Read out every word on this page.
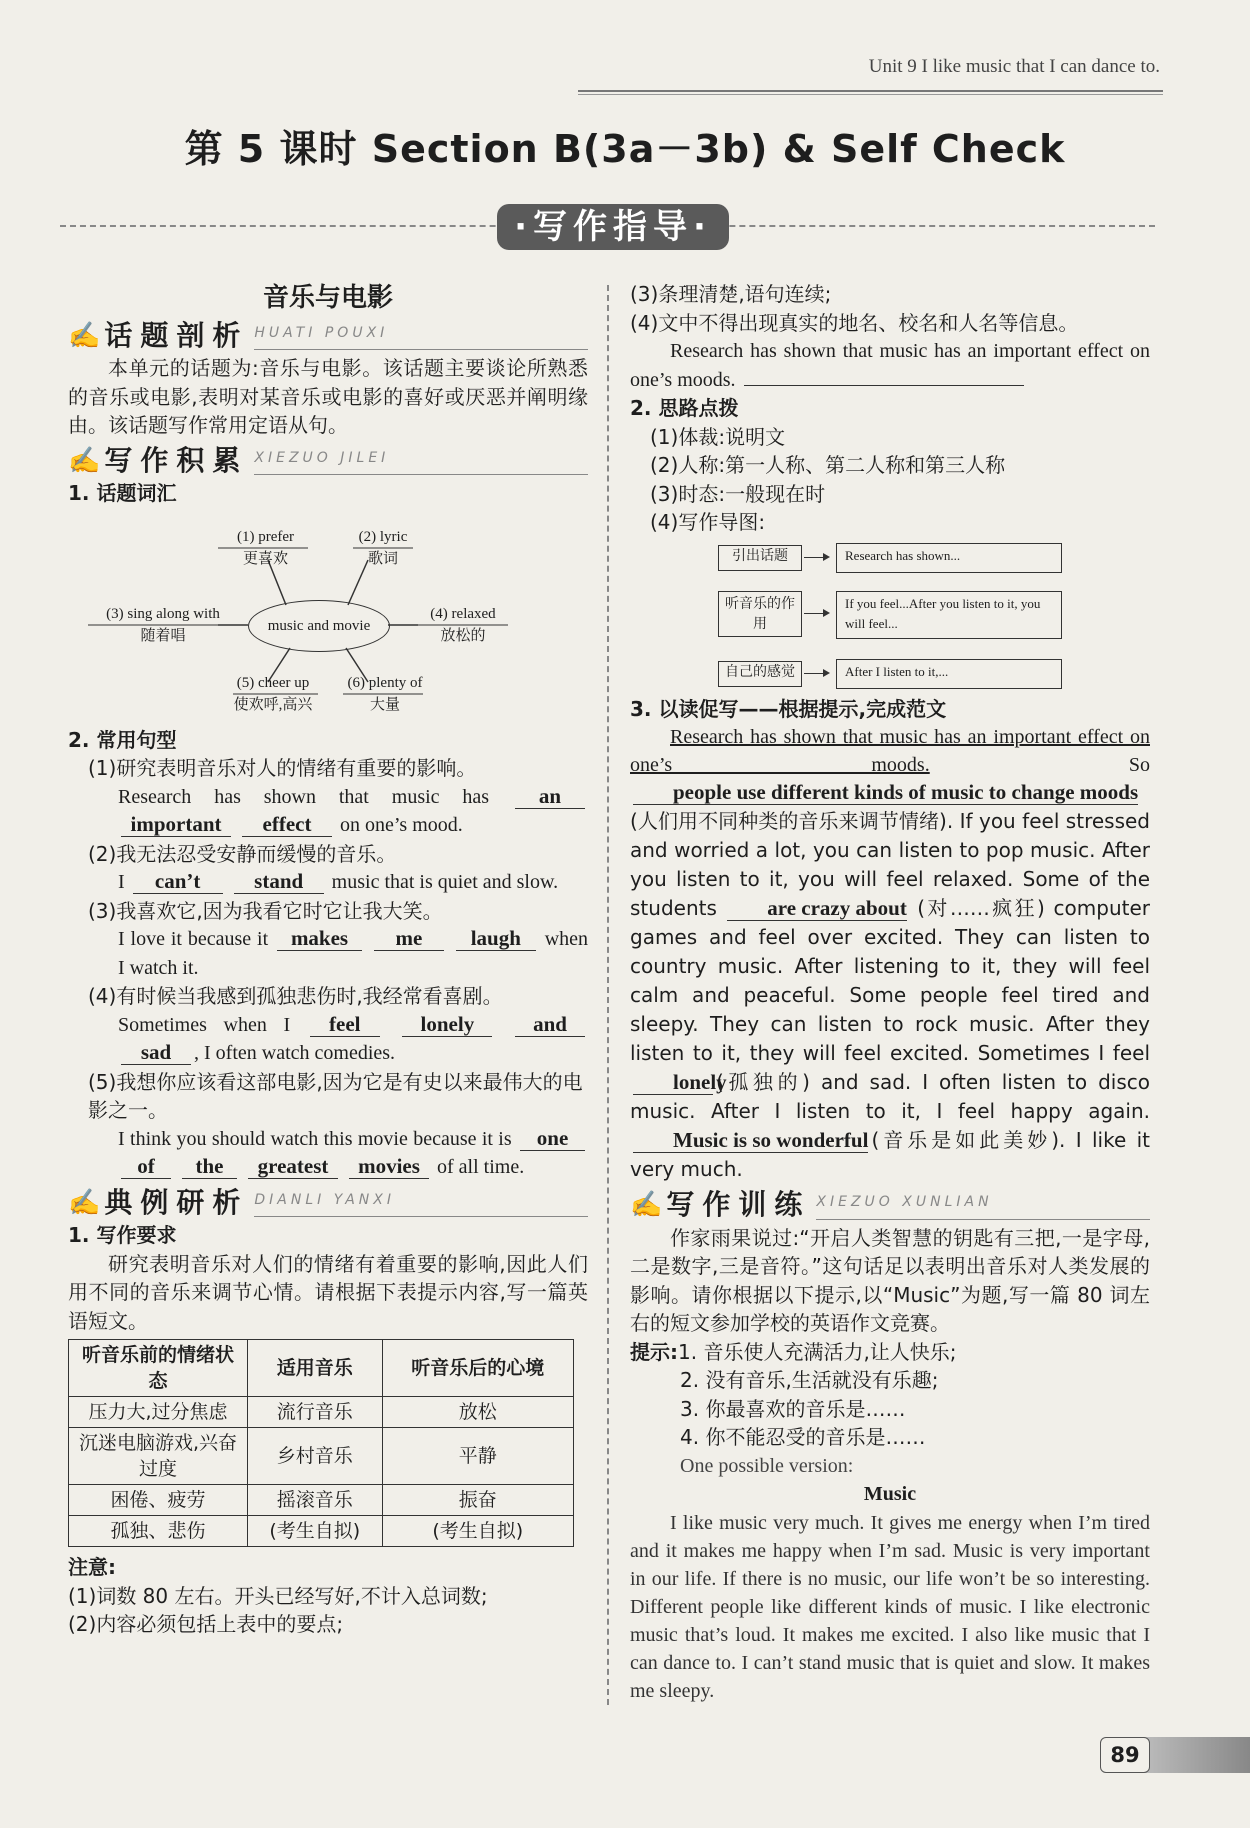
Unit 9 I like music that I can dance to.
第 5 课时 Section B(3a－3b) & Self Check
·写作指导·
音乐与电影
✍ 话题剖析 HUATI POUXI
本单元的话题为:音乐与电影。该话题主要谈论所熟悉的音乐或电影,表明对某音乐或电影的喜好或厌恶并阐明缘由。该话题写作常用定语从句。
✍ 写作积累 XIEZUO JILEI
1. 话题词汇
music and movie
(1) prefer
更喜欢
(2) lyric
歌词
(3) sing along with
随着唱
(4) relaxed
放松的
(5) cheer up
使欢呼,高兴
(6) plenty of
大量
2. 常用句型
(1)研究表明音乐对人的情绪有重要的影响。
Research has shown that music has an important effect on one’s mood.
(2)我无法忍受安静而缓慢的音乐。
I can’t	stand music that is quiet and slow.
(3)我喜欢它,因为我看它时它让我大笑。
I love it because it makes me laugh when I watch it.
(4)有时候当我感到孤独悲伤时,我经常看喜剧。
Sometimes when I feel	lonely	and sad , I often watch comedies.
(5)我想你应该看这部电影,因为它是有史以来最伟大的电影之一。
I think you should watch this movie because it is one of the greatest movies of all time.
✍ 典例研析 DIANLI YANXI
1. 写作要求
研究表明音乐对人们的情绪有着重要的影响,因此人们用不同的音乐来调节心情。请根据下表提示内容,写一篇英语短文。
听音乐前的情绪状态	适用音乐	听音乐后的心境
压力大,过分焦虑	流行音乐	放松
沉迷电脑游戏,兴奋过度	乡村音乐	平静
困倦、疲劳	摇滚音乐	振奋
孤独、悲伤	(考生自拟)	(考生自拟)
注意:
(1)词数 80 左右。开头已经写好,不计入总词数;
(2)内容必须包括上表中的要点;
(3)条理清楚,语句连续;
(4)文中不得出现真实的地名、校名和人名等信息。
Research has shown that music has an important effect on one’s moods.
2. 思路点拨
(1)体裁:说明文
(2)人称:第一人称、第二人称和第三人称
(3)时态:一般现在时
(4)写作导图:
引出话题	Research has shown...
听音乐的作用
If you feel...After you listen to it, you will feel...
自己的感觉	After I listen to it,...
3. 以读促写——根据提示,完成范文
Research has shown that music has an important effect on one’s moods.	So people use different kinds of music to change moods (人们用不同种类的音乐来调节情绪). If you feel stressed and worried a lot, you can listen to pop music. After you listen to it, you will feel relaxed. Some of the students are crazy about (对……疯狂) computer games and feel over excited. They can listen to country music. After listening to it, they will feel calm and peaceful. Some people feel tired and sleepy. They can listen to rock music. After they listen to it, they will feel excited. Sometimes I feel lonely(孤独的) and sad. I often listen to disco music. After I listen to it, I feel happy again. Music is so wonderful (音乐是如此美妙). I like it very much.
✍ 写作训练 XIEZUO XUNLIAN
作家雨果说过:“开启人类智慧的钥匙有三把,一是字母,二是数字,三是音符。”这句话足以表明出音乐对人类发展的影响。请你根据以下提示,以“Music”为题,写一篇 80 词左右的短文参加学校的英语作文竞赛。
提示:1. 音乐使人充满活力,让人快乐;
2. 没有音乐,生活就没有乐趣;
3. 你最喜欢的音乐是……
4. 你不能忍受的音乐是……
One possible version:
Music
I like music very much. It gives me energy when I’m tired and it makes me happy when I’m sad. Music is very important in our life. If there is no music, our life won’t be so interesting. Different people like different kinds of music. I like electronic music that’s loud. It makes me excited. I also like music that I can dance to. I can’t stand music that is quiet and slow. It makes me sleepy.
89
